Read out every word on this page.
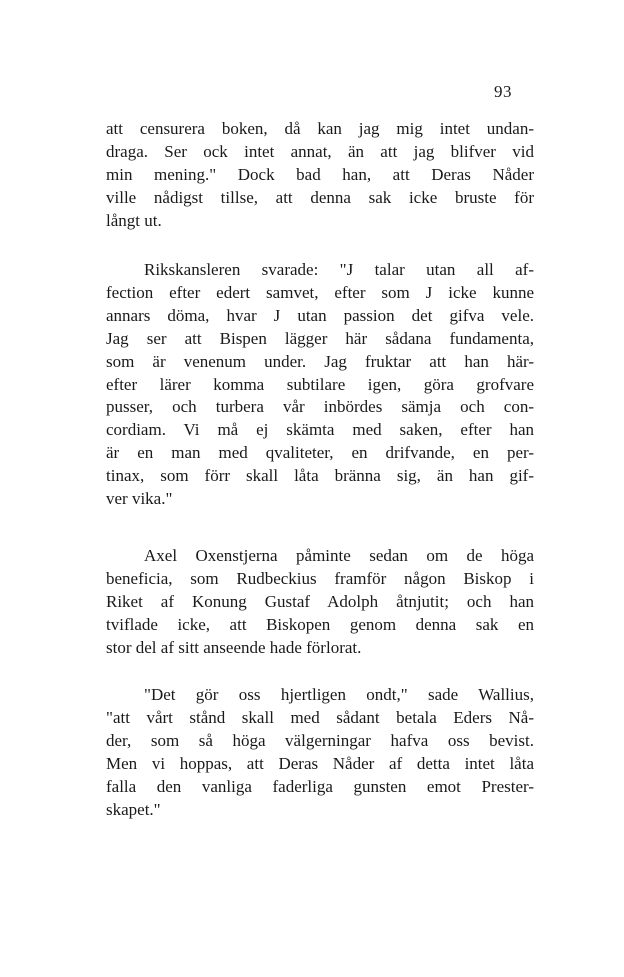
93

att censurera boken, då kan jag mig intet undan-
draga. Ser ock intet annat, än att jag blifver vid
min mening." Dock bad han, att Deras Nåder
ville nådigst tillse, att denna sak icke bruste för
långt ut.

Rikskansleren svarade: "J talar utan all af-
fection efter edert samvet, efter som J icke kunne
annars döma, hvar J utan passion det gifva vele.
Jag ser att Bispen lägger här sådana fundamenta,
som är venenum under. Jag fruktar att han här-
efter lärer komma subtilare igen, göra grofvare
pusser, och turbera vår inbördes sämja och con-
cordiam. Vi må ej skämta med saken, efter han
är en man med qvaliteter, en drifvande, en per-
tinax, som förr skall låta bränna sig, än han gif-
ver vika."

Axel Oxenstjerna påminte sedan om de höga
beneficia, som Rudbeckius framför någon Biskop i
Riket af Konung Gustaf Adolph åtnjutit; och han
tviflade icke, att Biskopen genom denna sak en
stor del af sitt anseende hade förlorat.

"Det gör oss hjertligen ondt," sade Wallius,
"att vårt stånd skall med sådant betala Eders Nå-
der, som så höga välgerningar hafva oss bevist.
Men vi hoppas, att Deras Nåder af detta intet låta
falla den vanliga faderliga gunsten emot Prester-
skapet."
